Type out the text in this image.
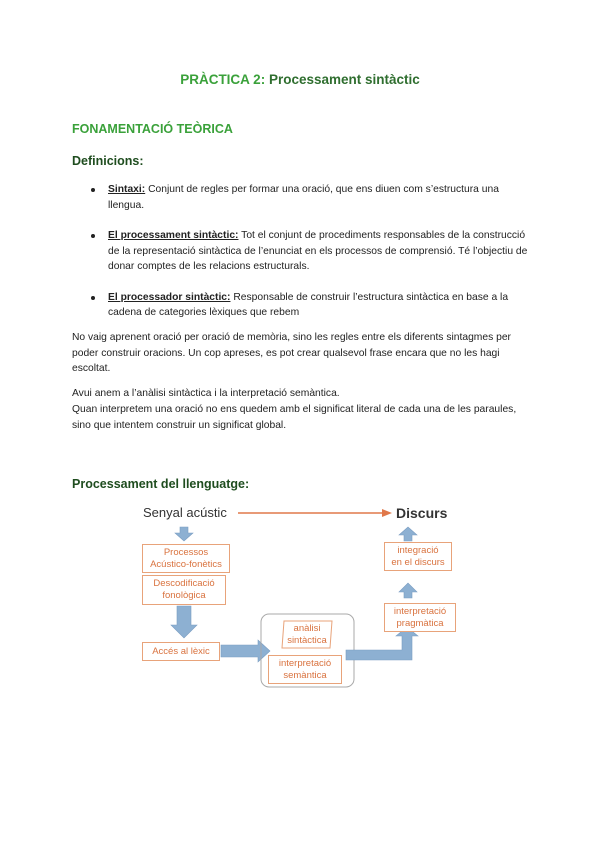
PRÀCTICA 2: Processament sintàctic
FONAMENTACIÓ TEÒRICA
Definicions:
Sintaxi: Conjunt de regles per formar una oració, que ens diuen com s’estructura una llengua.
El processament sintàctic: Tot el conjunt de procediments responsables de la construcció de la representació sintàctica de l’enunciat en els processos de comprensió. Té l’objectiu de donar comptes de les relacions estructurals.
El processador sintàctic: Responsable de construir l’estructura sintàctica en base a la cadena de categories lèxiques que rebem

No vaig aprenent oració per oració de memòria, sino les regles entre els diferents sintagmes per poder construir oracions. Un cop apreses, es pot crear qualsevol frase encara que no les hagi escoltat.

Avui anem a l’anàlisi sintàctica i la interpretació semàntica.

Quan interpretem una oració no ens quedem amb el significat literal de cada una de les paraules, sino que intentem construir un significat global.

Processament del llenguatge:
Senyal acústic	Discurs
Processos
Acústico-fonètics
Descodificació
fonològica
Accés al lèxic
anàlisi
sintàctica
interpretació
semàntica
interpretació
pragmàtica
integració
en el discurs
